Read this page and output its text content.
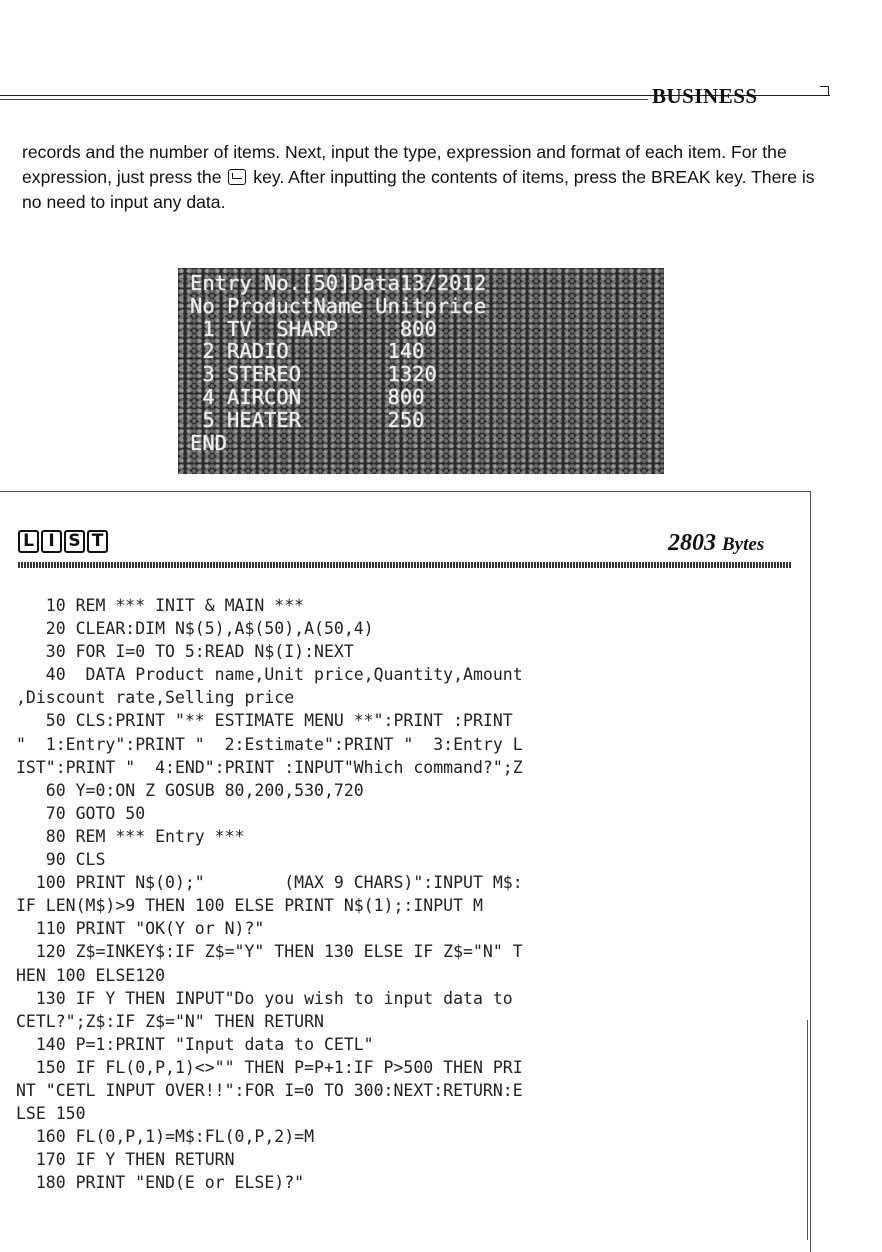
BUSINESS

records and the number of items. Next, input the type, expression and format of each item. For the expression, just press the key. After inputting the contents of items, press the BREAK key. There is no need to input any data.

Entry No.[50]Data13/2012
No ProductName Unitprice
1 TV  SHARP     800
2 RADIO        140
3 STEREO       1320
4 AIRCON       800
5 HEATER       250
END
L I S T	2803 Bytes
10 REM *** INIT & MAIN ***
20 CLEAR:DIM N$(5),A$(50),A(50,4)
30 FOR I=0 TO 5:READ N$(I):NEXT
40  DATA Product name,Unit price,Quantity,Amount
,Discount rate,Selling price
50 CLS:PRINT "** ESTIMATE MENU **":PRINT :PRINT
"  1:Entry":PRINT "  2:Estimate":PRINT "  3:Entry L
IST":PRINT "  4:END":PRINT :INPUT"Which command?";Z
60 Y=0:ON Z GOSUB 80,200,530,720
70 GOTO 50
80 REM *** Entry ***
90 CLS
100 PRINT N$(0);"        (MAX 9 CHARS)":INPUT M$:
IF LEN(M$)>9 THEN 100 ELSE PRINT N$(1);:INPUT M
110 PRINT "OK(Y or N)?"
120 Z$=INKEY$:IF Z$="Y" THEN 130 ELSE IF Z$="N" T
HEN 100 ELSE120
130 IF Y THEN INPUT"Do you wish to input data to
CETL?";Z$:IF Z$="N" THEN RETURN
140 P=1:PRINT "Input data to CETL"
150 IF FL(0,P,1)<>"" THEN P=P+1:IF P>500 THEN PRI
NT "CETL INPUT OVER!!":FOR I=0 TO 300:NEXT:RETURN:E
LSE 150
160 FL(0,P,1)=M$:FL(0,P,2)=M
170 IF Y THEN RETURN
180 PRINT "END(E or ELSE)?"
